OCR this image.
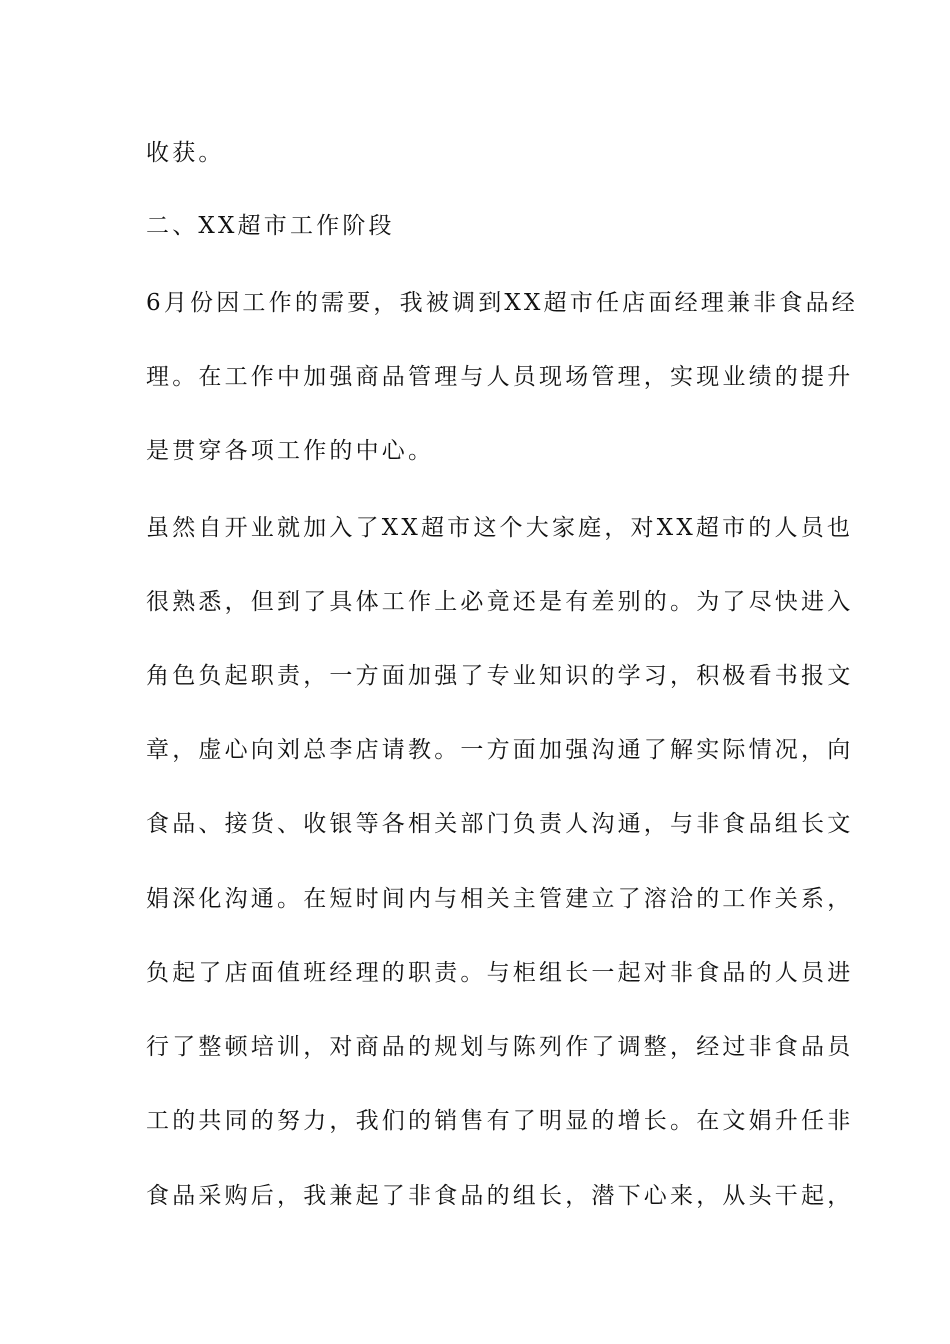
收获。
二、XX超市工作阶段
6月份因工作的需要，我被调到XX超市任店面经理兼非食品经
理。在工作中加强商品管理与人员现场管理，实现业绩的提升
是贯穿各项工作的中心。
虽然自开业就加入了XX超市这个大家庭，对XX超市的人员也
很熟悉，但到了具体工作上必竟还是有差别的。为了尽快进入
角色负起职责，一方面加强了专业知识的学习，积极看书报文
章，虚心向刘总李店请教。一方面加强沟通了解实际情况，向
食品、接货、收银等各相关部门负责人沟通，与非食品组长文
娟深化沟通。在短时间内与相关主管建立了溶洽的工作关系，
负起了店面值班经理的职责。与柜组长一起对非食品的人员进
行了整顿培训，对商品的规划与陈列作了调整，经过非食品员
工的共同的努力，我们的销售有了明显的增长。在文娟升任非
食品采购后，我兼起了非食品的组长，潜下心来，从头干起，
